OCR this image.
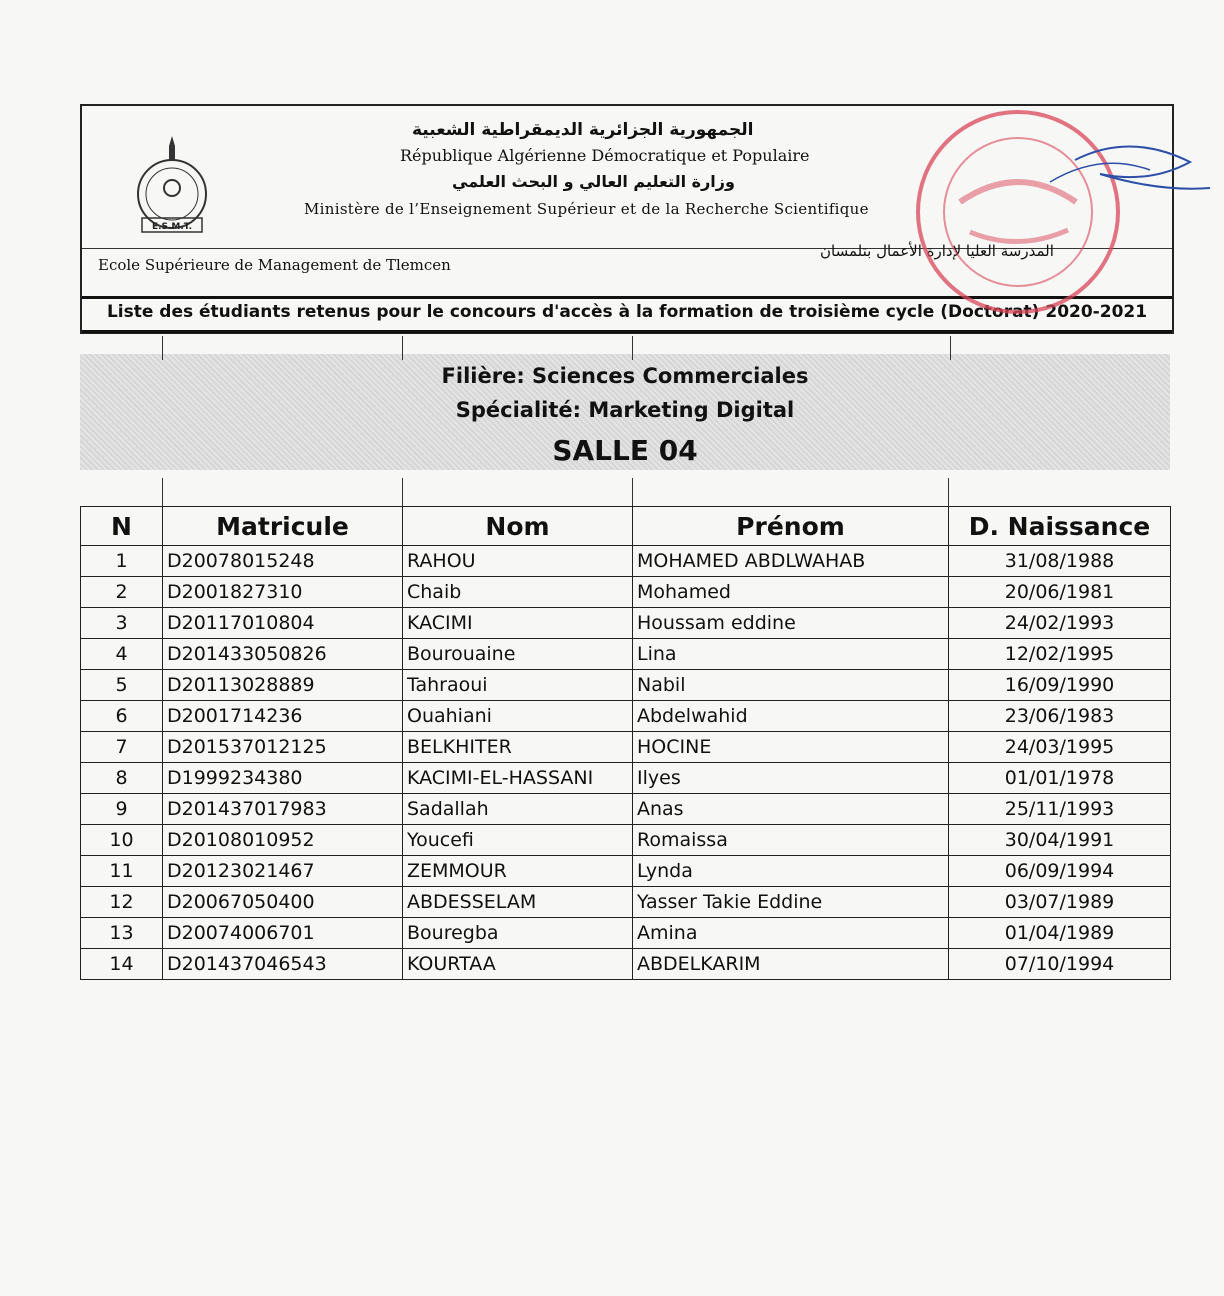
E.S.M.T.
الجمهورية الجزائرية الديمقراطية الشعبية
République Algérienne Démocratique et Populaire
وزارة التعليم العالي و البحث العلمي
Ministère de l’Enseignement Supérieur et de la Recherche Scientifique
Ecole Supérieure de Management de Tlemcen
المدرسة العليا لإدارة الأعمال بتلمسان
Liste des étudiants retenus pour le concours d'accès à la formation de troisième cycle (Doctorat) 2020-2021
Filière: Sciences Commerciales
Spécialité: Marketing Digital
SALLE 04
N	Matricule	Nom	Prénom	D. Naissance
1	D20078015248	RAHOU	MOHAMED ABDLWAHAB	31/08/1988
2	D2001827310	Chaib	Mohamed	20/06/1981
3	D20117010804	KACIMI	Houssam eddine	24/02/1993
4	D201433050826	Bourouaine	Lina	12/02/1995
5	D20113028889	Tahraoui	Nabil	16/09/1990
6	D2001714236	Ouahiani	Abdelwahid	23/06/1983
7	D201537012125	BELKHITER	HOCINE	24/03/1995
8	D1999234380	KACIMI-EL-HASSANI	Ilyes	01/01/1978
9	D201437017983	Sadallah	Anas	25/11/1993
10	D20108010952	Youcefi	Romaissa	30/04/1991
11	D20123021467	ZEMMOUR	Lynda	06/09/1994
12	D20067050400	ABDESSELAM	Yasser Takie Eddine	03/07/1989
13	D20074006701	Bouregba	Amina	01/04/1989
14	D201437046543	KOURTAA	ABDELKARIM	07/10/1994
